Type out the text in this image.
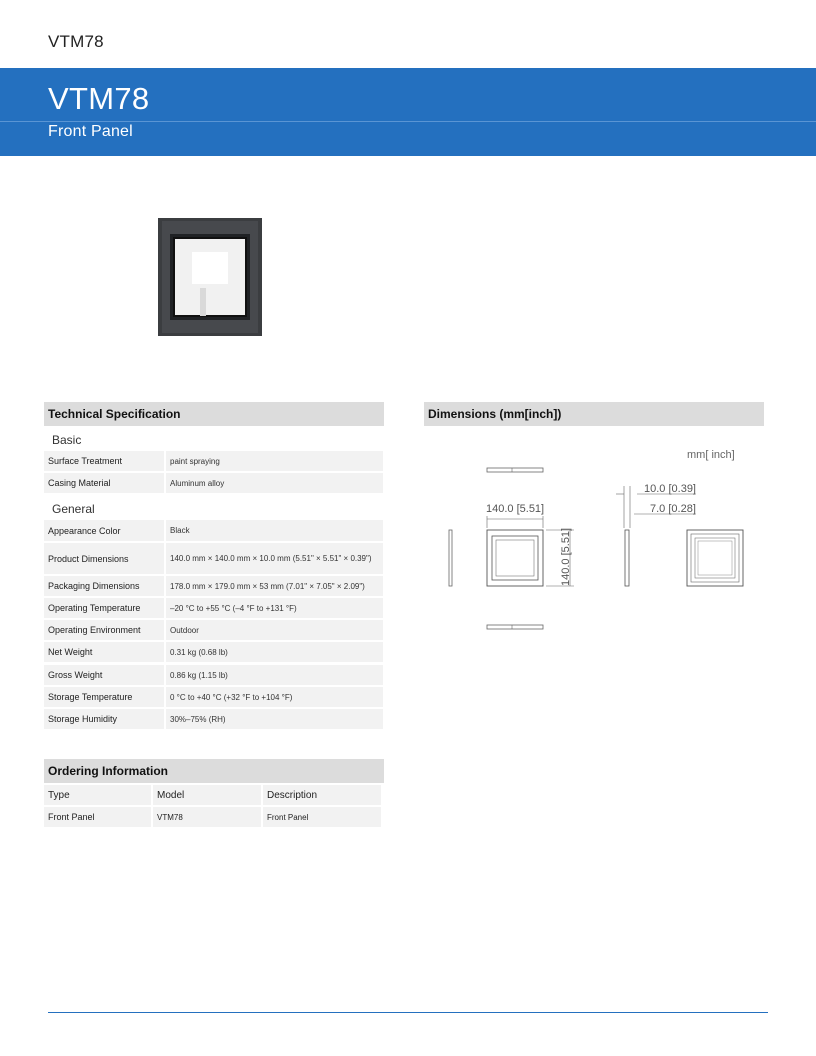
VTM78
VTM78
Front Panel
Technical Specification
Basic
Surface Treatment	paint spraying
Casing Material	Aluminum alloy
General
Appearance Color	Black
Product Dimensions	140.0 mm × 140.0 mm × 10.0 mm (5.51" × 5.51" × 0.39")
Packaging Dimensions	178.0 mm × 179.0 mm × 53 mm (7.01" × 7.05" × 2.09")
Operating Temperature	–20 °C to +55 °C (–4 °F to +131 °F)
Operating Environment	Outdoor
Net Weight	0.31 kg (0.68 lb)
Gross Weight	0.86 kg (1.15 lb)
Storage Temperature	0 °C to +40 °C (+32 °F to +104 °F)
Storage Humidity	30%–75% (RH)
Dimensions (mm[inch])
mm[ inch]
140.0 [5.51]
140.0 [5.51]
10.0 [0.39]
7.0 [0.28]
Ordering Information
Type	Model	Description
Front Panel	VTM78	Front Panel
